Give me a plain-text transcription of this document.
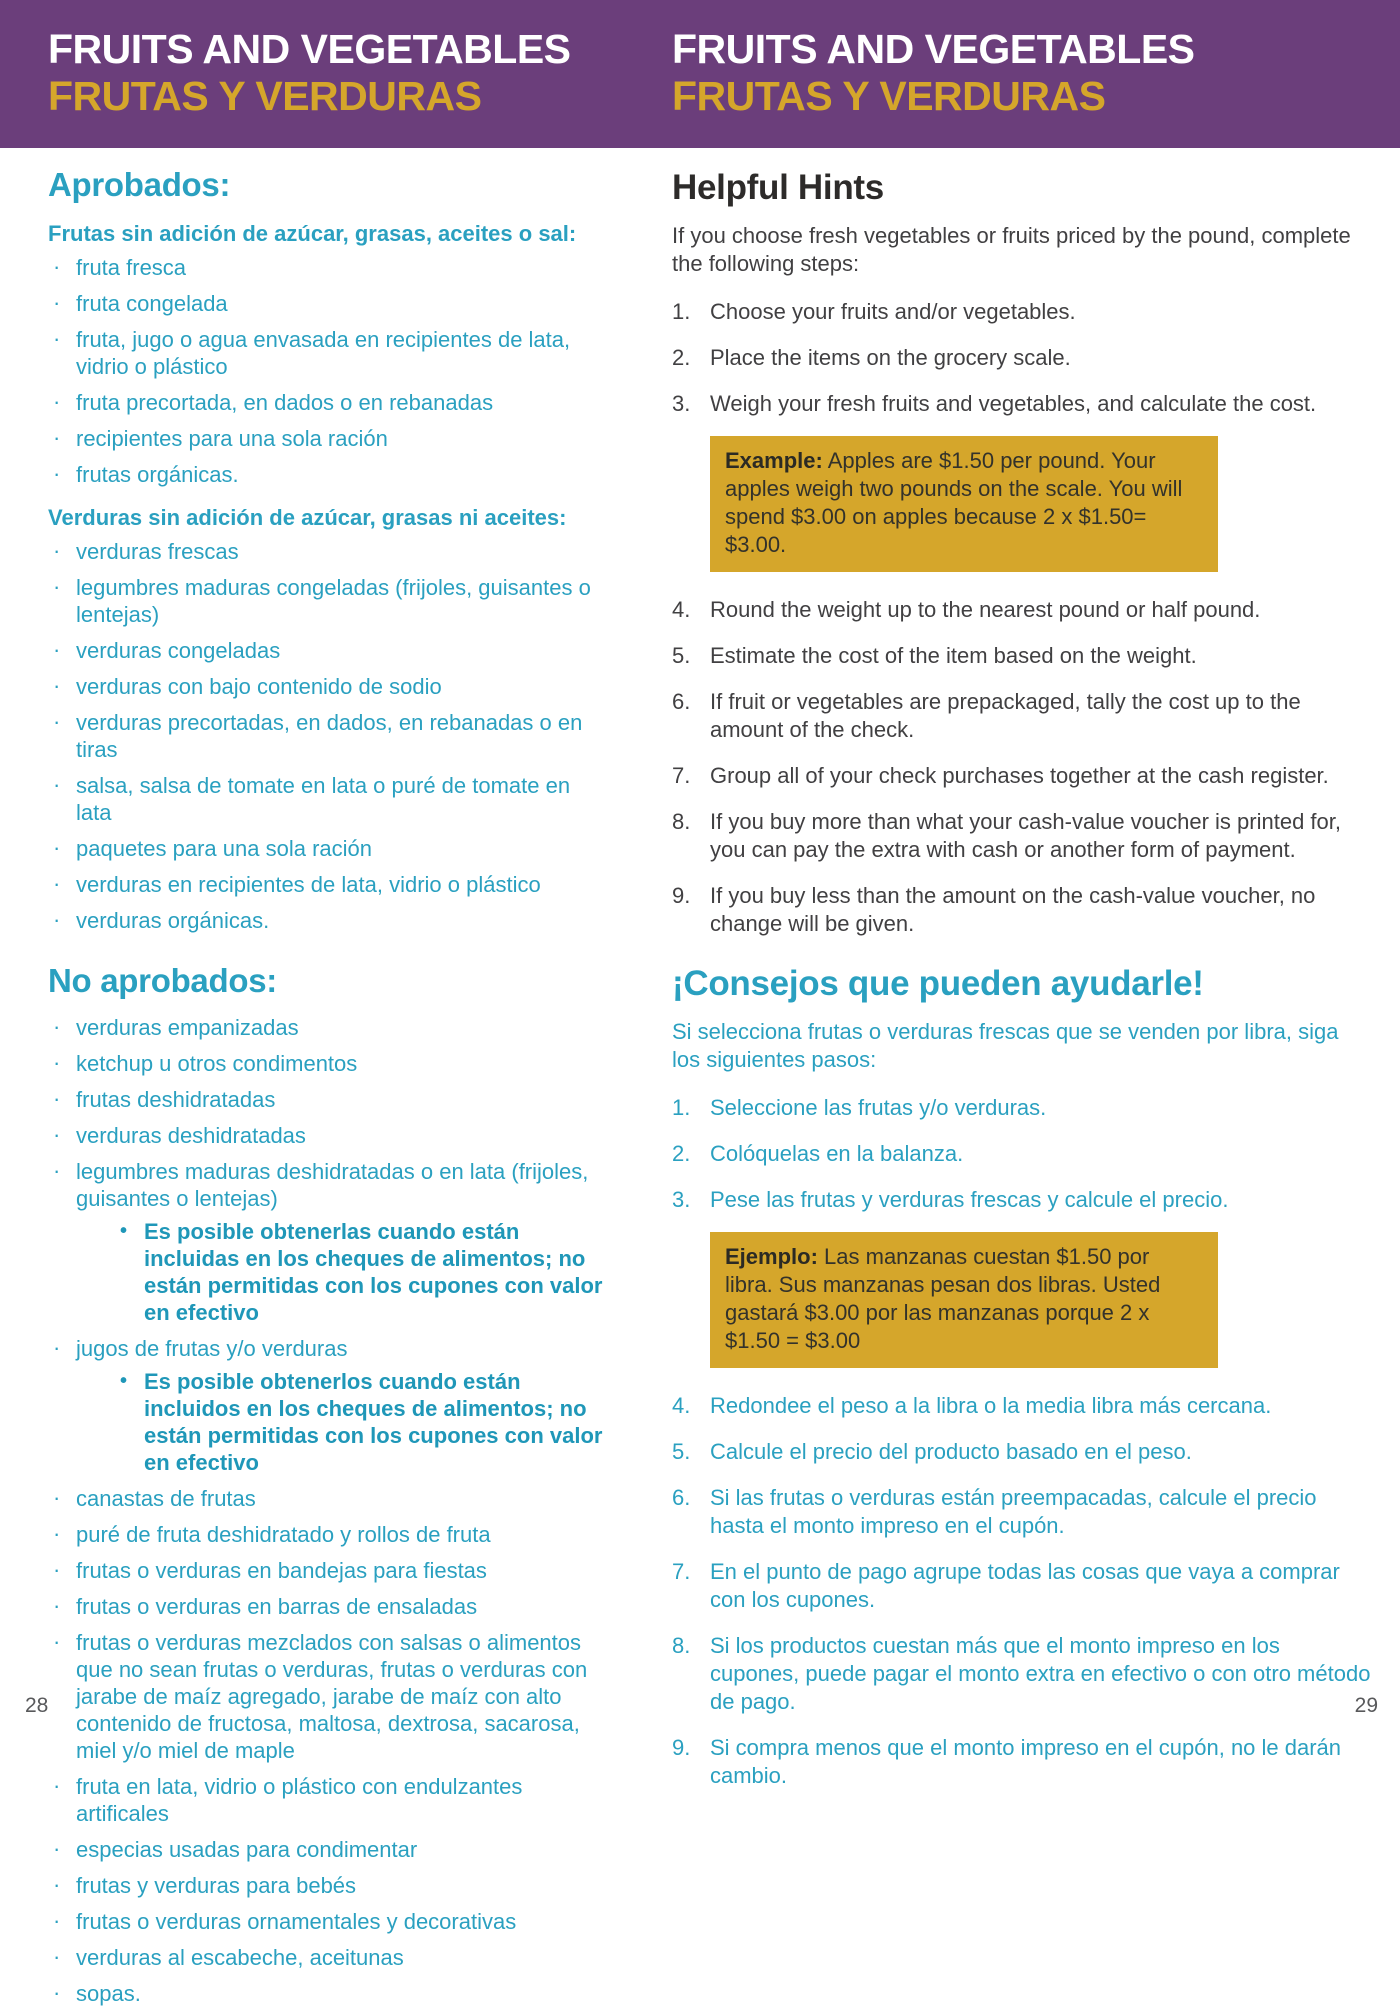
FRUITS AND VEGETABLES
FRUTAS Y VERDURAS
FRUITS AND VEGETABLES
FRUTAS Y VERDURAS
Aprobados:
Frutas sin adición de azúcar, grasas, aceites o sal:
· fruta fresca
· fruta congelada
· fruta, jugo o agua envasada en recipientes de lata, vidrio o plástico
· fruta precortada, en dados o en rebanadas
· recipientes para una sola ración
· frutas orgánicas.
Verduras sin adición de azúcar, grasas ni aceites:
· verduras frescas
· legumbres maduras congeladas (frijoles, guisantes o lentejas)
· verduras congeladas
· verduras con bajo contenido de sodio
· verduras precortadas, en dados, en rebanadas o en tiras
· salsa, salsa de tomate en lata o puré de tomate en lata
· paquetes para una sola ración
· verduras en recipientes de lata, vidrio o plástico
· verduras orgánicas.
No aprobados:
· verduras empanizadas
· ketchup u otros condimentos
· frutas deshidratadas
· verduras deshidratadas
· legumbres maduras deshidratadas o en lata (frijoles, guisantes o lentejas)
• Es posible obtenerlas cuando están incluidas en los cheques de alimentos; no están permitidas con los cupones con valor en efectivo
· jugos de frutas y/o verduras
• Es posible obtenerlos cuando están incluidos en los cheques de alimentos; no están permitidas con los cupones con valor en efectivo
· canastas de frutas
· puré de fruta deshidratado y rollos de fruta
· frutas o verduras en bandejas para fiestas
· frutas o verduras en barras de ensaladas
· frutas o verduras mezclados con salsas o alimentos que no sean frutas o verduras, frutas o verduras con jarabe de maíz agregado, jarabe de maíz con alto contenido de fructosa, maltosa, dextrosa, sacarosa, miel y/o miel de maple
· fruta en lata, vidrio o plástico con endulzantes artificales
· especias usadas para condimentar
· frutas y verduras para bebés
· frutas o verduras ornamentales y decorativas
· verduras al escabeche, aceitunas
· sopas.
Helpful Hints

If you choose fresh vegetables or fruits priced by the pound, complete the following steps:

1. Choose your fruits and/or vegetables.
2. Place the items on the grocery scale.
3. Weigh your fresh fruits and vegetables, and calculate the cost.
Example: Apples are $1.50 per pound. Your apples weigh two pounds on the scale. You will spend $3.00 on apples because 2 x $1.50= $3.00.
4. Round the weight up to the nearest pound or half pound.
5. Estimate the cost of the item based on the weight.
6. If fruit or vegetables are prepackaged, tally the cost up to the amount of the check.
7. Group all of your check purchases together at the cash register.
8. If you buy more than what your cash-value voucher is printed for, you can pay the extra with cash or another form of payment.
9. If you buy less than the amount on the cash-value voucher, no change will be given.
¡Consejos que pueden ayudarle!

Si selecciona frutas o verduras frescas que se venden por libra, siga los siguientes pasos:

1. Seleccione las frutas y/o verduras.
2. Colóquelas en la balanza.
3. Pese las frutas y verduras frescas y calcule el precio.
Ejemplo: Las manzanas cuestan $1.50 por libra. Sus manzanas pesan dos libras. Usted gastará $3.00 por las manzanas porque 2 x $1.50 = $3.00
4. Redondee el peso a la libra o la media libra más cercana.
5. Calcule el precio del producto basado en el peso.
6. Si las frutas o verduras están preempacadas, calcule el precio hasta el monto impreso en el cupón.
7. En el punto de pago agrupe todas las cosas que vaya a comprar con los cupones.
8. Si los productos cuestan más que el monto impreso en los cupones, puede pagar el monto extra en efectivo o con otro método de pago.
9. Si compra menos que el monto impreso en el cupón, no le darán cambio.
28	29
